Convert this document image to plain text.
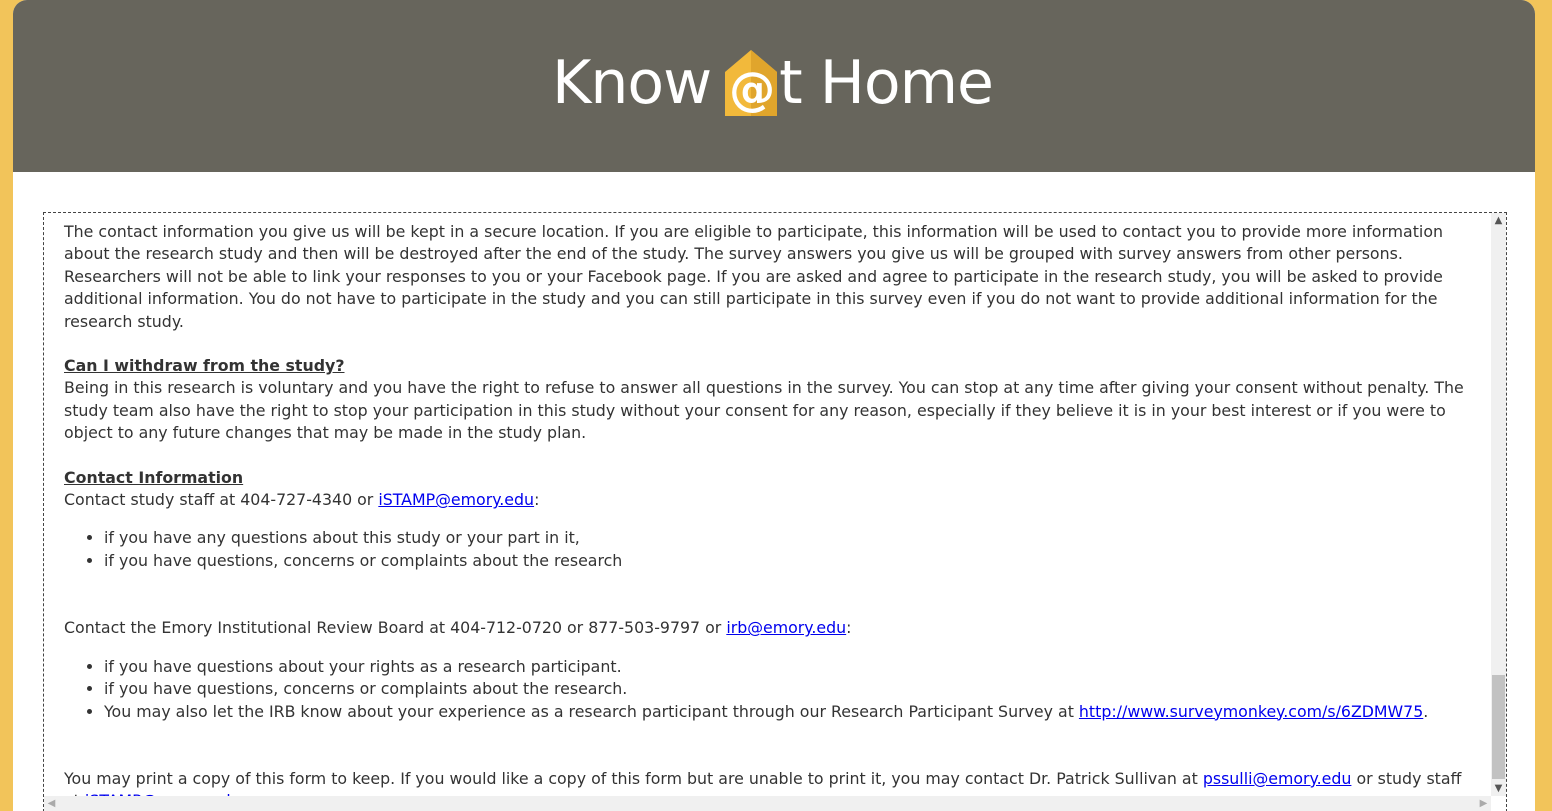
Know @ t Home

The contact information you give us will be kept in a secure location. If you are eligible to participate, this information will be used to contact you to provide more information about the research study and then will be destroyed after the end of the study. The survey answers you give us will be grouped with survey answers from other persons. Researchers will not be able to link your responses to you or your Facebook page. If you are asked and agree to participate in the research study, you will be asked to provide additional information. You do not have to participate in the study and you can still participate in this survey even if you do not want to provide additional information for the research study.

Can I withdraw from the study?

Being in this research is voluntary and you have the right to refuse to answer all questions in the survey. You can stop at any time after giving your consent without penalty. The study team also have the right to stop your participation in this study without your consent for any reason, especially if they believe it is in your best interest or if you were to object to any future changes that may be made in the study plan.

Contact Information

Contact study staff at 404-727-4340 or iSTAMP@emory.edu:

• if you have any questions about this study or your part in it,
• if you have questions, concerns or complaints about the research

Contact the Emory Institutional Review Board at 404-712-0720 or 877-503-9797 or irb@emory.edu:

• if you have questions about your rights as a research participant.
• if you have questions, concerns or complaints about the research.
• You may also let the IRB know about your experience as a research participant through our Research Participant Survey at http://www.surveymonkey.com/s/6ZDMW75.

You may print a copy of this form to keep. If you would like a copy of this form but are unable to print it, you may contact Dr. Patrick Sullivan at pssulli@emory.edu or study staff

▲
▼
◀	▶
